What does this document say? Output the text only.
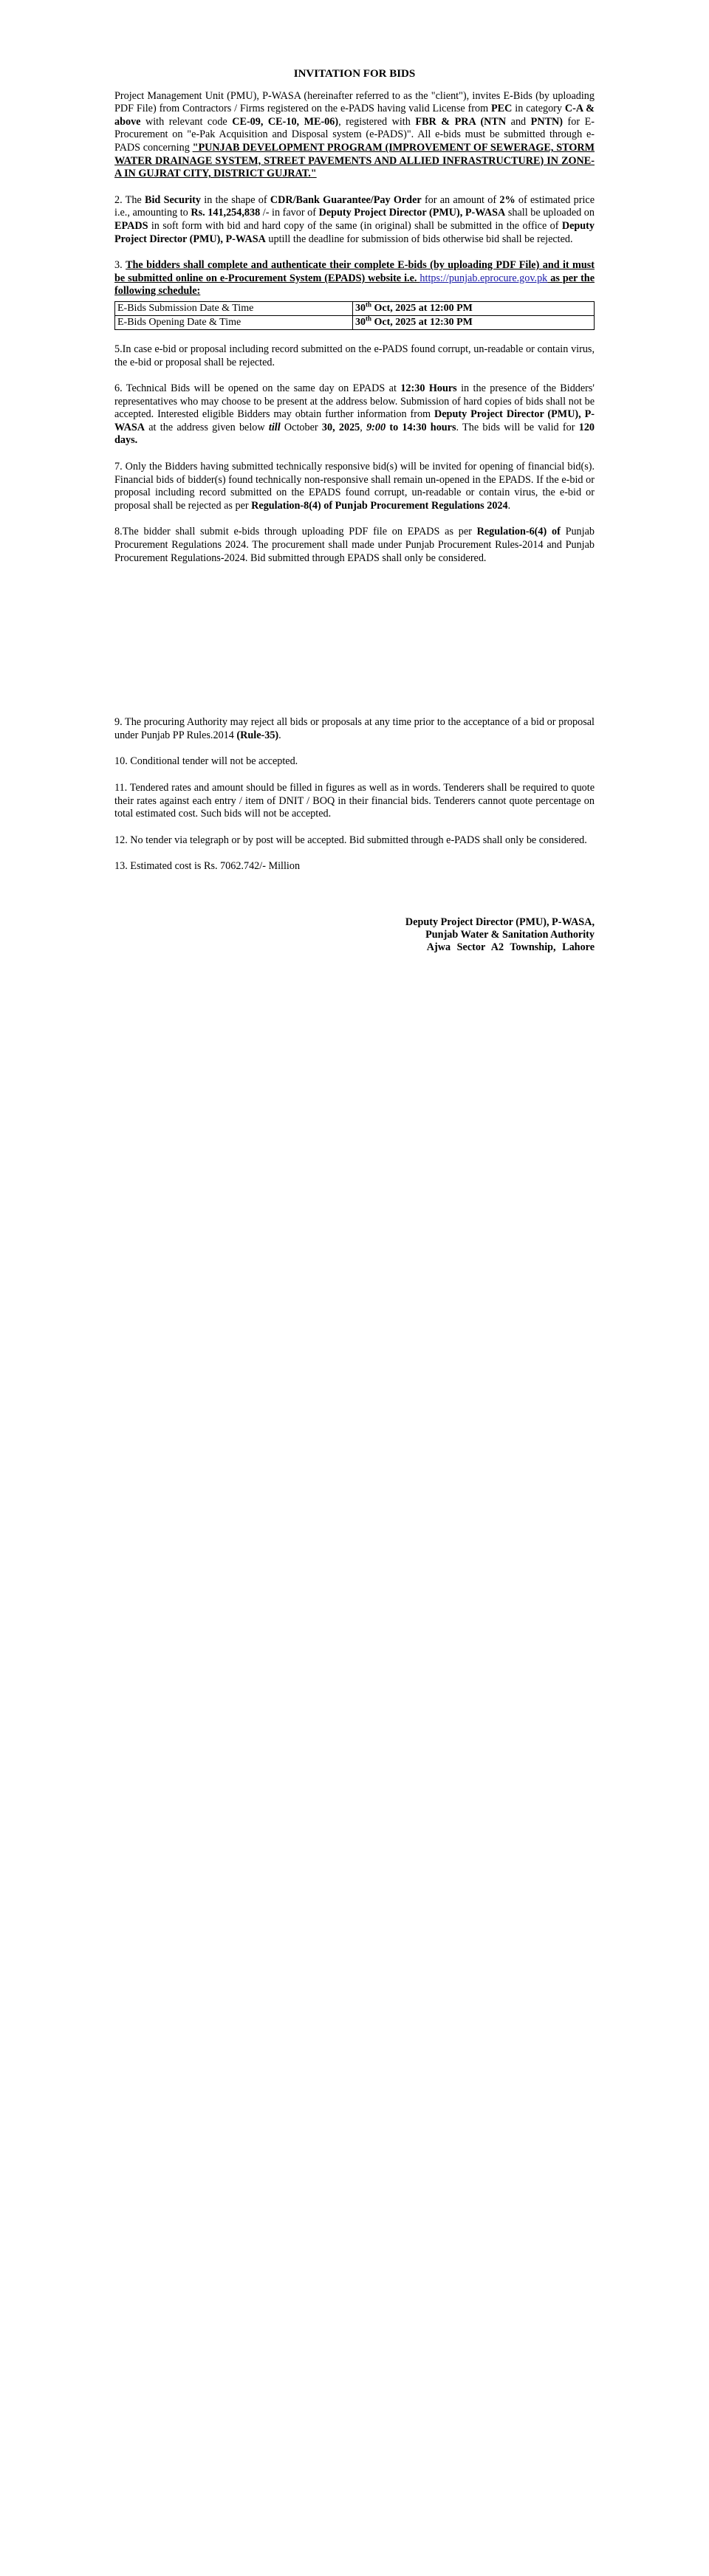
INVITATION FOR BIDS

Project Management Unit (PMU), P-WASA (hereinafter referred to as the "client"), invites E-Bids (by uploading PDF File) from Contractors / Firms registered on the e-PADS having valid License from PEC in category C-A & above with relevant code CE-09, CE-10, ME-06), registered with FBR & PRA (NTN and PNTN) for E-Procurement on "e-Pak Acquisition and Disposal system (e-PADS)". All e-bids must be submitted through e-PADS concerning "PUNJAB DEVELOPMENT PROGRAM (IMPROVEMENT OF SEWERAGE, STORM WATER DRAINAGE SYSTEM, STREET PAVEMENTS AND ALLIED INFRASTRUCTURE) IN ZONE-A IN GUJRAT CITY, DISTRICT GUJRAT."

2. The Bid Security in the shape of CDR/Bank Guarantee/Pay Order for an amount of 2% of estimated price i.e., amounting to Rs. 141,254,838 /- in favor of Deputy Project Director (PMU), P-WASA shall be uploaded on EPADS in soft form with bid and hard copy of the same (in original) shall be submitted in the office of Deputy Project Director (PMU), P-WASA uptill the deadline for submission of bids otherwise bid shall be rejected.

3. The bidders shall complete and authenticate their complete E-bids (by uploading PDF File) and it must be submitted online on e-Procurement System (EPADS) website i.e. https://punjab.eprocure.gov.pk as per the following schedule:

E-Bids Submission Date & Time	30th Oct, 2025 at 12:00 PM
E-Bids Opening Date & Time	30th Oct, 2025 at 12:30 PM

5.In case e-bid or proposal including record submitted on the e-PADS found corrupt, un-readable or contain virus, the e-bid or proposal shall be rejected.

6. Technical Bids will be opened on the same day on EPADS at 12:30 Hours in the presence of the Bidders' representatives who may choose to be present at the address below. Submission of hard copies of bids shall not be accepted. Interested eligible Bidders may obtain further information from Deputy Project Director (PMU), P-WASA at the address given below till October 30, 2025, 9:00 to 14:30 hours. The bids will be valid for 120 days.

7. Only the Bidders having submitted technically responsive bid(s) will be invited for opening of financial bid(s). Financial bids of bidder(s) found technically non-responsive shall remain un-opened in the EPADS. If the e-bid or proposal including record submitted on the EPADS found corrupt, un-readable or contain virus, the e-bid or proposal shall be rejected as per Regulation-8(4) of Punjab Procurement Regulations 2024.

8.The bidder shall submit e-bids through uploading PDF file on EPADS as per Regulation-6(4) of Punjab Procurement Regulations 2024. The procurement shall made under Punjab Procurement Rules-2014 and Punjab Procurement Regulations-2024. Bid submitted through EPADS shall only be considered.

9. The procuring Authority may reject all bids or proposals at any time prior to the acceptance of a bid or proposal under Punjab PP Rules.2014 (Rule-35).

10. Conditional tender will not be accepted.

11. Tendered rates and amount should be filled in figures as well as in words. Tenderers shall be required to quote their rates against each entry / item of DNIT / BOQ in their financial bids. Tenderers cannot quote percentage on total estimated cost. Such bids will not be accepted.

12. No tender via telegraph or by post will be accepted. Bid submitted through e-PADS shall only be considered.

13. Estimated cost is Rs. 7062.742/- Million

Deputy Project Director (PMU), P-WASA,
Punjab Water & Sanitation Authority
Ajwa Sector A2 Township, Lahore
